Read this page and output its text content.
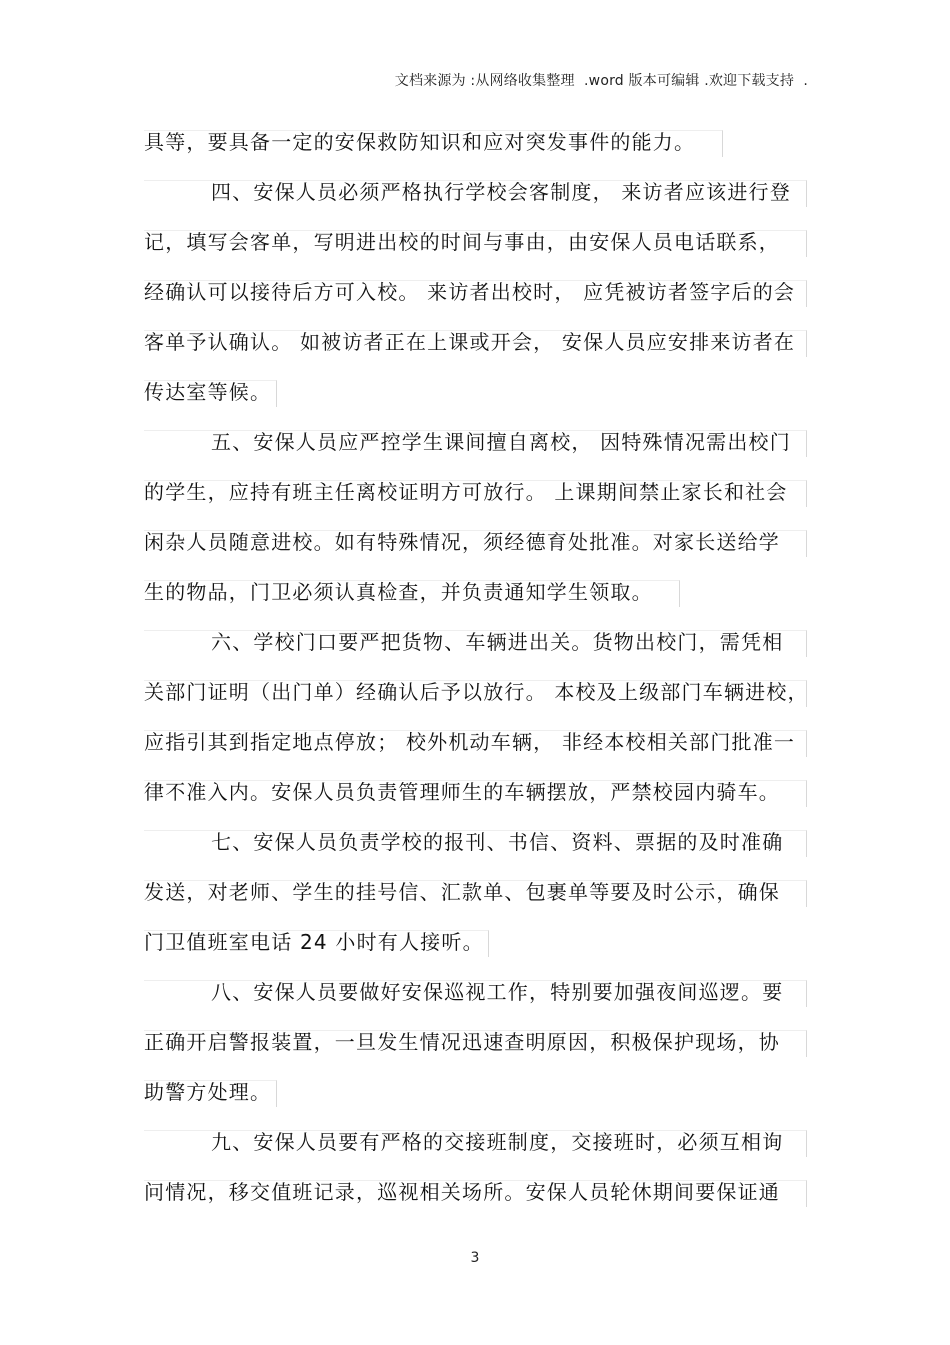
文档来源为 :从网络收集整理  .word 版本可编辑 .欢迎下载支持  .
具等，要具备一定的安保救防知识和应对突发事件的能力。
四、安保人员必须严格执行学校会客制度， 来访者应该进行登
记，填写会客单，写明进出校的时间与事由，由安保人员电话联系，
经确认可以接待后方可入校。 来访者出校时， 应凭被访者签字后的会
客单予认确认。 如被访者正在上课或开会， 安保人员应安排来访者在
传达室等候。
五、安保人员应严控学生课间擅自离校， 因特殊情况需出校门
的学生，应持有班主任离校证明方可放行。 上课期间禁止家长和社会
闲杂人员随意进校。如有特殊情况，须经德育处批准。对家长送给学
生的物品，门卫必须认真检查，并负责通知学生领取。
六、学校门口要严把货物、车辆进出关。货物出校门，需凭相
关部门证明（出门单）经确认后予以放行。 本校及上级部门车辆进校，
应指引其到指定地点停放； 校外机动车辆， 非经本校相关部门批准一
律不准入内。安保人员负责管理师生的车辆摆放，严禁校园内骑车。
七、安保人员负责学校的报刊、书信、资料、票据的及时准确
发送，对老师、学生的挂号信、汇款单、包裹单等要及时公示，确保
门卫值班室电话 24 小时有人接听。
八、安保人员要做好安保巡视工作，特别要加强夜间巡逻。要
正确开启警报装置，一旦发生情况迅速查明原因，积极保护现场，协
助警方处理。
九、安保人员要有严格的交接班制度，交接班时，必须互相询
问情况，移交值班记录，巡视相关场所。安保人员轮休期间要保证通
3
